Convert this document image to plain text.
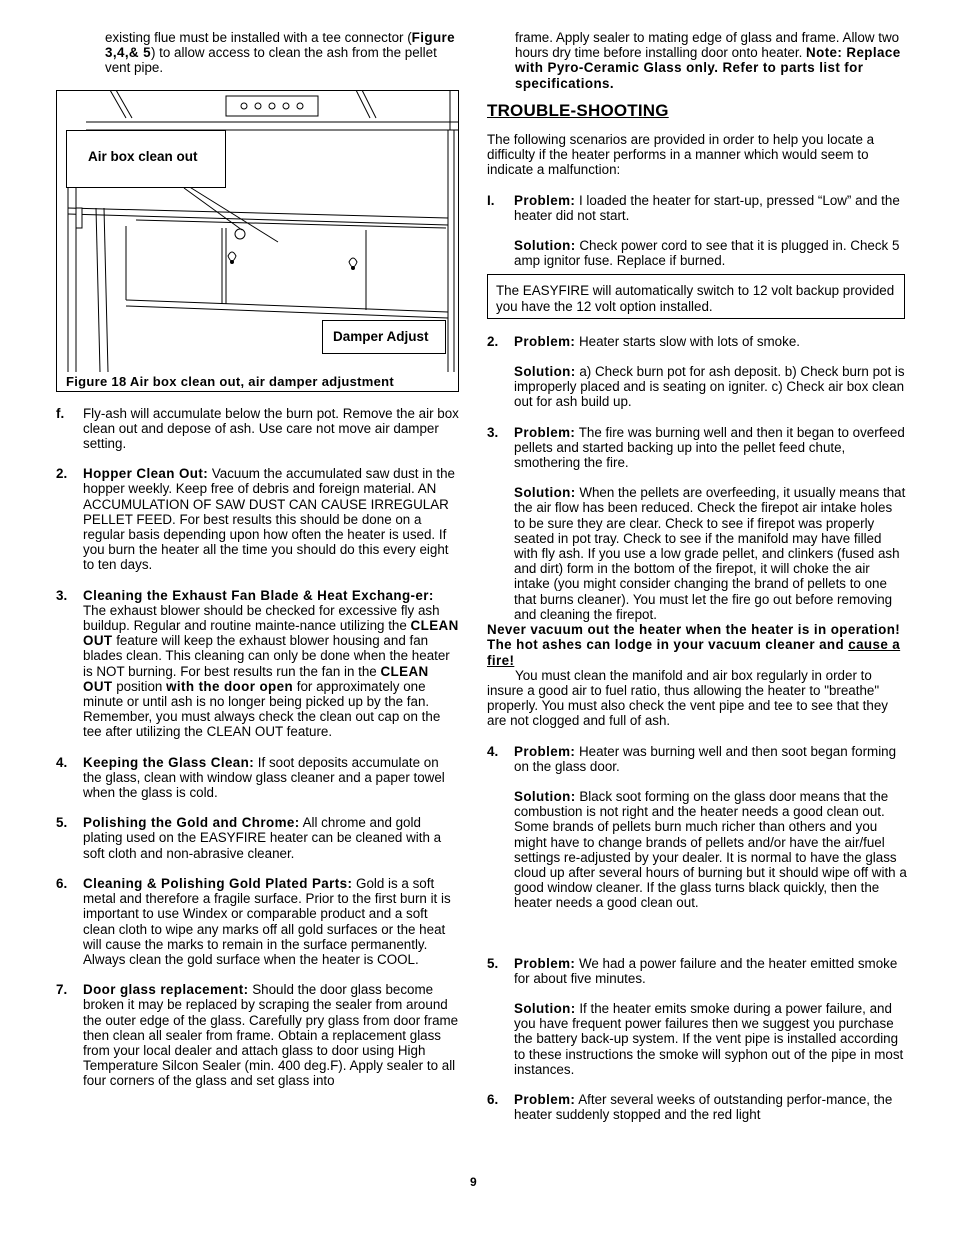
existing flue must be installed with a tee connector (Figure 3,4,& 5) to allow access to clean the ash from the pellet vent pipe.

Air box clean out
Damper Adjust
Figure 18 Air box clean out, air damper adjustment
f. Fly-ash will accumulate below the burn pot. Remove the air box clean out and depose of ash. Use care not move air damper setting.

2. Hopper Clean Out: Vacuum the accumulated saw dust in the hopper weekly. Keep free of debris and foreign material. AN ACCUMULATION OF SAW DUST CAN CAUSE IRREGULAR PELLET FEED. For best results this should be done on a regular basis depending upon how often the heater is used. If you burn the heater all the time you should do this every eight to ten days.

3. Cleaning the Exhaust Fan Blade & Heat Exchang-er: The exhaust blower should be checked for excessive fly ash buildup. Regular and routine mainte-nance utilizing the CLEAN OUT feature will keep the exhaust blower housing and fan blades clean. This cleaning can only be done when the heater is NOT burning. For best results run the fan in the CLEAN OUT position with the door open for approximately one minute or until ash is no longer being picked up by the fan. Remember, you must always check the clean out cap on the tee after utilizing the CLEAN OUT feature.

4. Keeping the Glass Clean: If soot deposits accumulate on the glass, clean with window glass cleaner and a paper towel when the glass is cold.

5. Polishing the Gold and Chrome: All chrome and gold plating used on the EASYFIRE heater can be cleaned with a soft cloth and non-abrasive cleaner.

6. Cleaning & Polishing Gold Plated Parts: Gold is a soft metal and therefore a fragile surface. Prior to the first burn it is important to use Windex or comparable product and a soft clean cloth to wipe any marks off all gold surfaces or the heat will cause the marks to remain in the surface permanently. Always clean the gold surface when the heater is COOL.

7. Door glass replacement: Should the door glass become broken it may be replaced by scraping the sealer from around the outer edge of the glass. Carefully pry glass from door frame then clean all sealer from frame. Obtain a replacement glass from your local dealer and attach glass to door using High Temperature Silcon Sealer (min. 400 deg.F). Apply sealer to all four corners of the glass and set glass into

frame. Apply sealer to mating edge of glass and frame. Allow two hours dry time before installing door onto heater. Note: Replace with Pyro-Ceramic Glass only. Refer to parts list for specifications.

TROUBLE-SHOOTING

The following scenarios are provided in order to help you locate a difficulty if the heater performs in a manner which would seem to indicate a malfunction:

I. Problem: I loaded the heater for start-up, pressed “Low” and the heater did not start.

Solution: Check power cord to see that it is plugged in. Check 5 amp ignitor fuse. Replace if burned.

The EASYFIRE will automatically switch to 12 volt backup provided you have the 12 volt option installed.
2. Problem: Heater starts slow with lots of smoke.

Solution: a) Check burn pot for ash deposit. b) Check burn pot is improperly placed and is seating on igniter. c) Check air box clean out for ash build up.

3. Problem: The fire was burning well and then it began to overfeed pellets and started backing up into the pellet feed chute, smothering the fire.

Solution: When the pellets are overfeeding, it usually means that the air flow has been reduced. Check the firepot air intake holes to be sure they are clear. Check to see if firepot was properly seated in pot tray. Check to see if the manifold may have filled with fly ash. If you use a low grade pellet, and clinkers (fused ash and dirt) form in the bottom of the firepot, it will choke the air intake (you might consider changing the brand of pellets to one that burns cleaner). You must let the fire go out before removing and cleaning the firepot.

Never vacuum out the heater when the heater is in operation! The hot ashes can lodge in your vacuum cleaner and cause a fire!

You must clean the manifold and air box regularly in order to insure a good air to fuel ratio, thus allowing the heater to "breathe" properly. You must also check the vent pipe and tee to see that they are not clogged and full of ash.

4. Problem: Heater was burning well and then soot began forming on the glass door.

Solution: Black soot forming on the glass door means that the combustion is not right and the heater needs a good clean out. Some brands of pellets burn much richer than others and you might have to change brands of pellets and/or have the air/fuel settings re-adjusted by your dealer. It is normal to have the glass cloud up after several hours of burning but it should wipe off with a good window cleaner. If the glass turns black quickly, then the heater needs a good clean out.

5. Problem: We had a power failure and the heater emitted smoke for about five minutes.

Solution: If the heater emits smoke during a power failure, and you have frequent power failures then we suggest you purchase the battery back-up system. If the vent pipe is installed according to these instructions the smoke will syphon out of the pipe in most instances.

6. Problem: After several weeks of outstanding perfor-mance, the heater suddenly stopped and the red light

9
